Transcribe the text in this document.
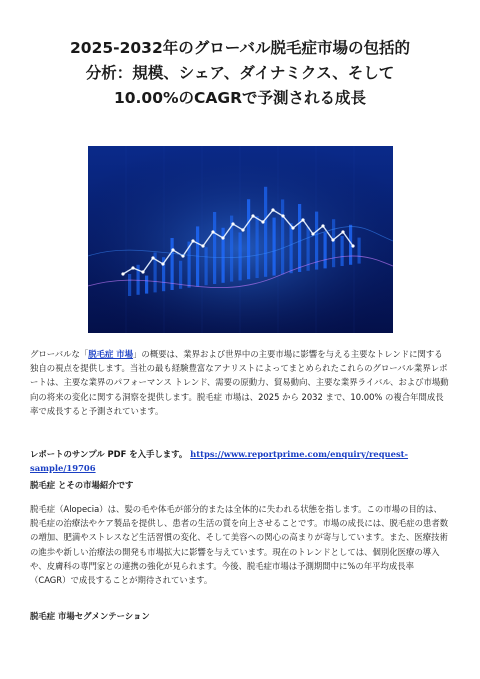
2025-2032年のグローバル脱毛症市場の包括的
分析：規模、シェア、ダイナミクス、そして
10.00%のCAGRで予測される成長

グローバルな「脱毛症 市場」の概要は、業界および世界中の主要市場に影響を与える主要なトレンドに関する独自の視点を提供します。当社の最も経験豊富なアナリストによってまとめられたこれらのグローバル業界レポートは、主要な業界のパフォーマンス トレンド、需要の原動力、貿易動向、主要な業界ライバル、および市場動向の将来の変化に関する洞察を提供します。脱毛症 市場は、2025 から 2032 まで、10.00% の複合年間成長率で成長すると予測されています。

レポートのサンプル PDF を入手します。 https://www.reportprime.com/enquiry/request-sample/19706

脱毛症 とその市場紹介です

脱毛症（Alopecia）は、髪の毛や体毛が部分的または全体的に失われる状態を指します。この市場の目的は、脱毛症の治療法やケア製品を提供し、患者の生活の質を向上させることです。市場の成長には、脱毛症の患者数の増加、肥満やストレスなど生活習慣の変化、そして美容への関心の高まりが寄与しています。また、医療技術の進歩や新しい治療法の開発も市場拡大に影響を与えています。現在のトレンドとしては、個別化医療の導入や、皮膚科の専門家との連携の強化が見られます。今後、脱毛症市場は予測期間中に%の年平均成長率（CAGR）で成長することが期待されています。

脱毛症 市場セグメンテーション
